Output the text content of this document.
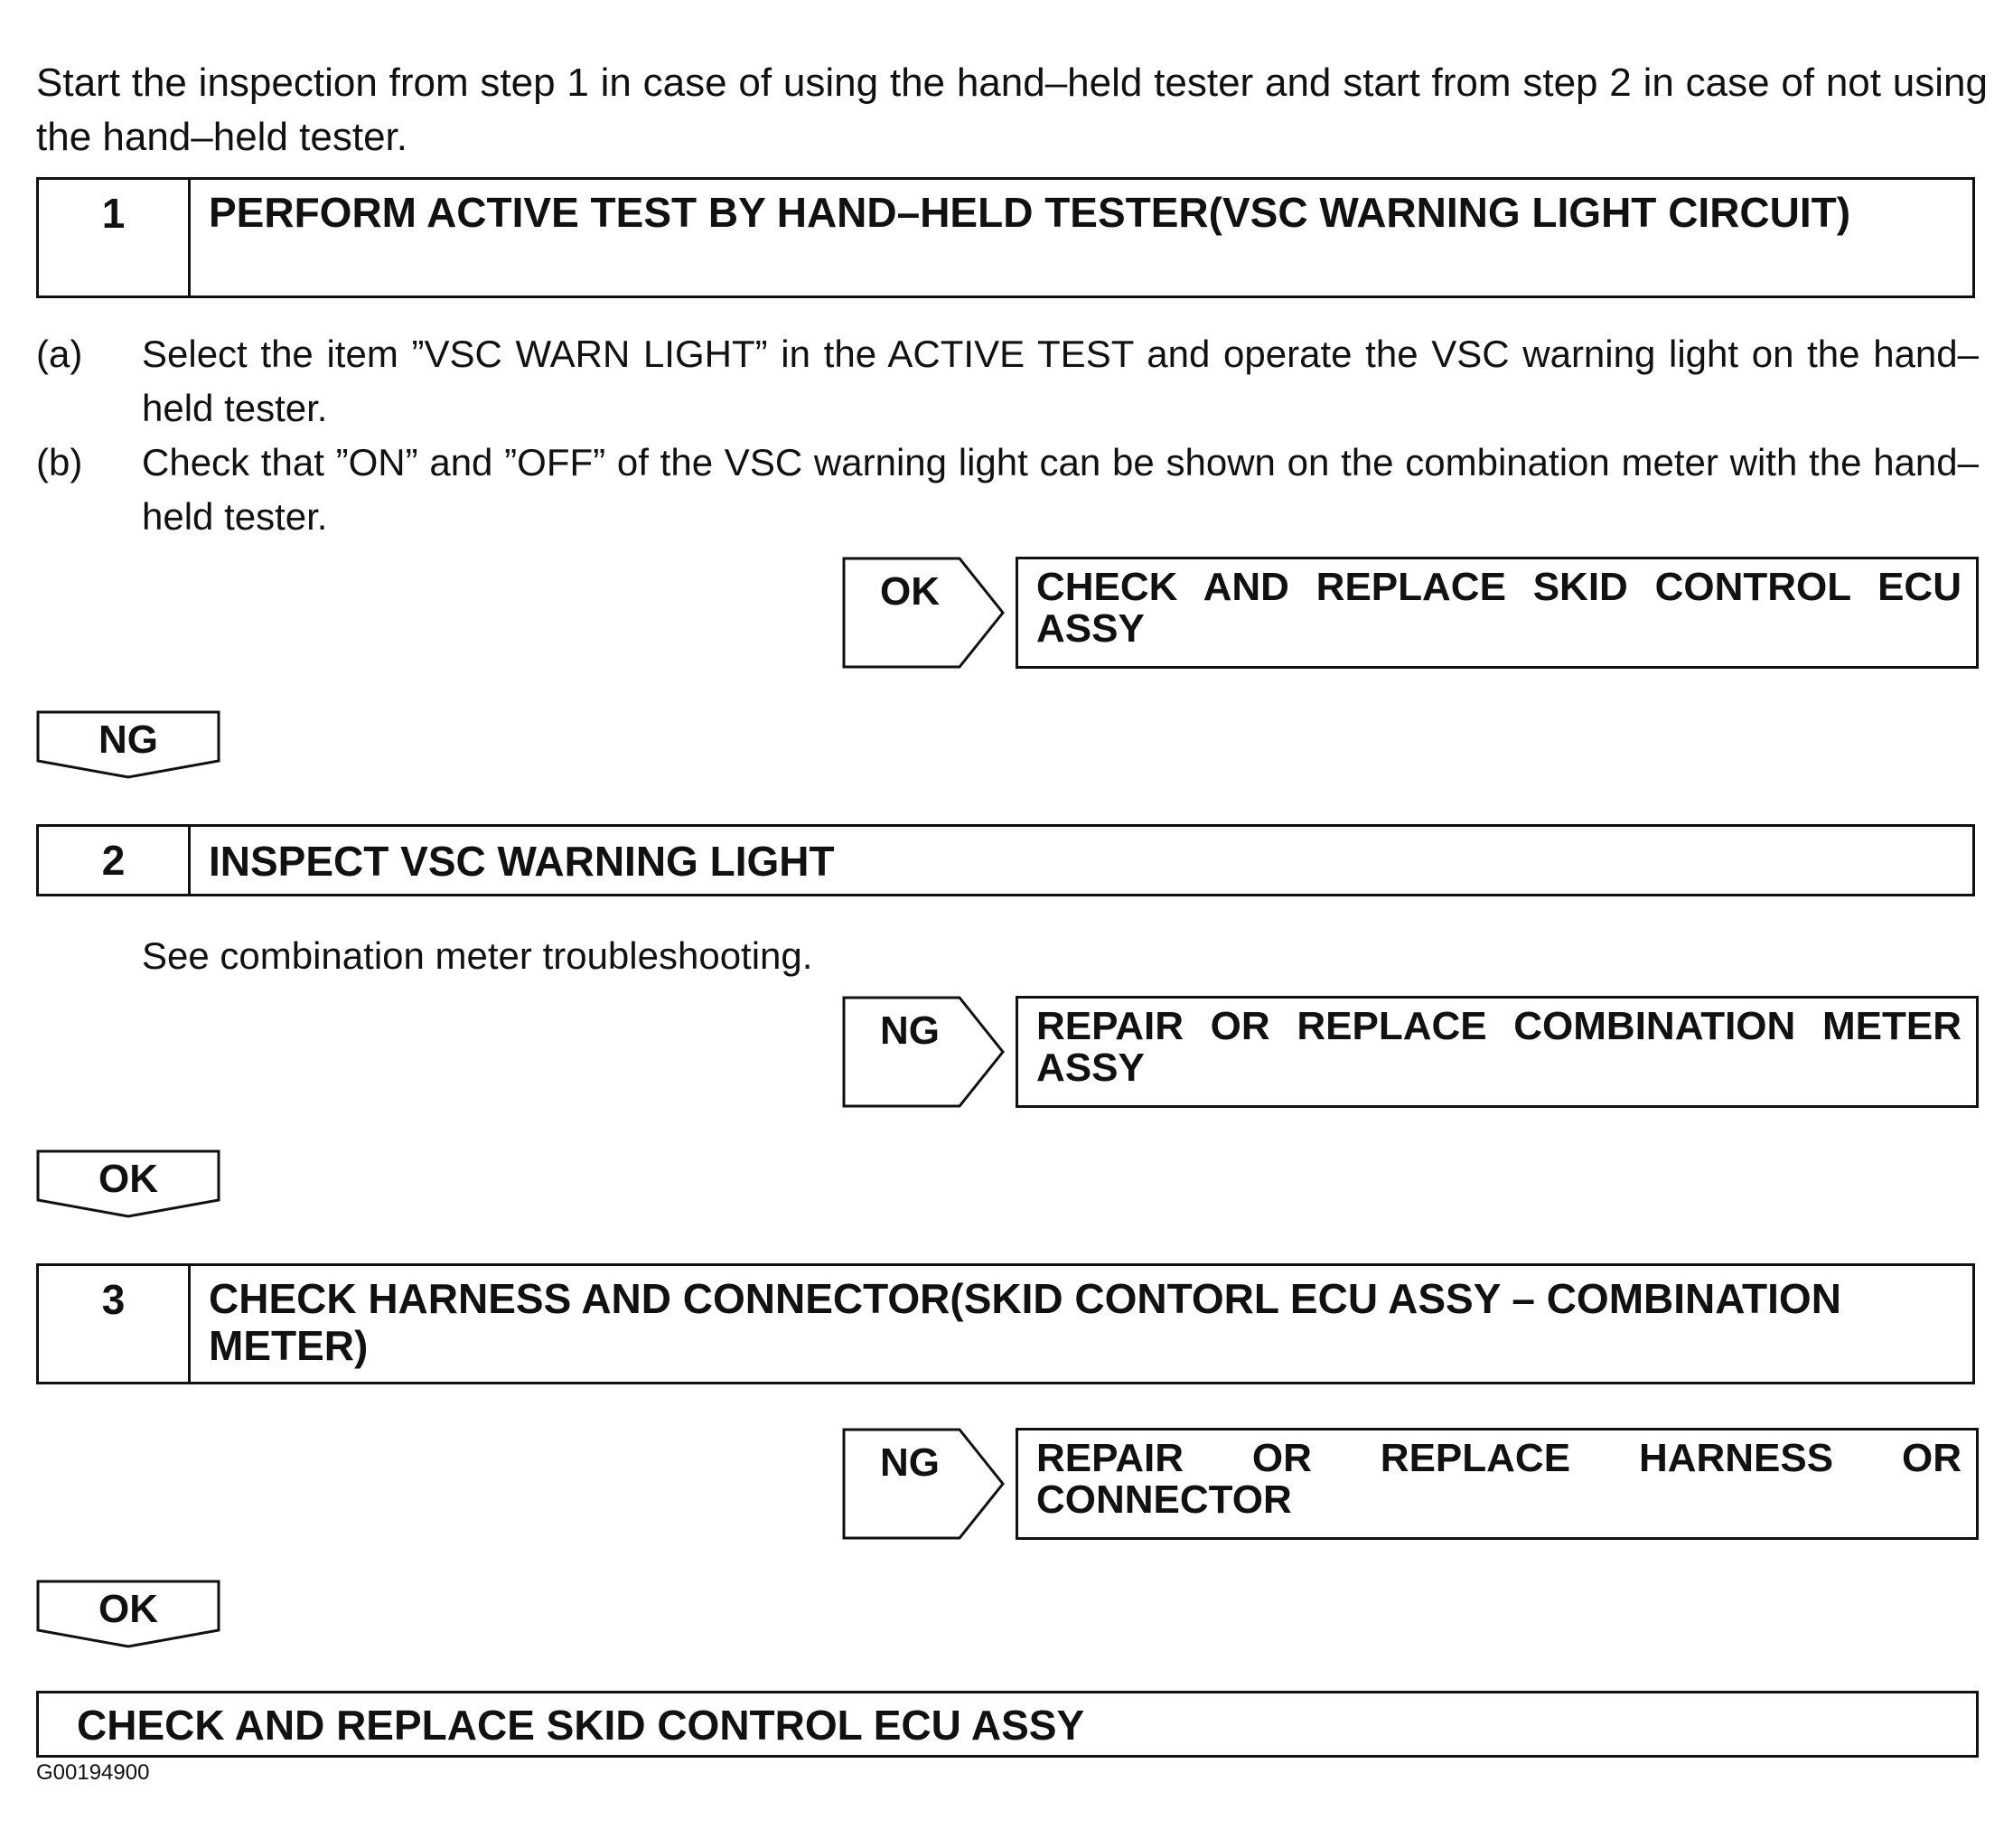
Start the inspection from step 1 in case of using the hand–held tester and start from step 2 in case of not using the hand–held tester.
1	PERFORM ACTIVE TEST BY HAND–HELD TESTER(VSC WARNING LIGHT CIRCUIT)
(a) Select the item ”VSC WARN LIGHT” in the ACTIVE TEST and operate the VSC warning light on the hand–held tester.
(b) Check that ”ON” and ”OFF” of the VSC warning light can be shown on the combination meter with the hand–held tester.
OK	CHECK AND REPLACE SKID CONTROL ECU ASSY
NG
2	INSPECT VSC WARNING LIGHT
See combination meter troubleshooting.
NG	REPAIR OR REPLACE COMBINATION METER ASSY
OK
3	CHECK HARNESS AND CONNECTOR(SKID CONTORL ECU ASSY – COMBINATION METER)
NG	REPAIR OR REPLACE HARNESS OR CONNECTOR
OK
CHECK AND REPLACE SKID CONTROL ECU ASSY
G00194900
